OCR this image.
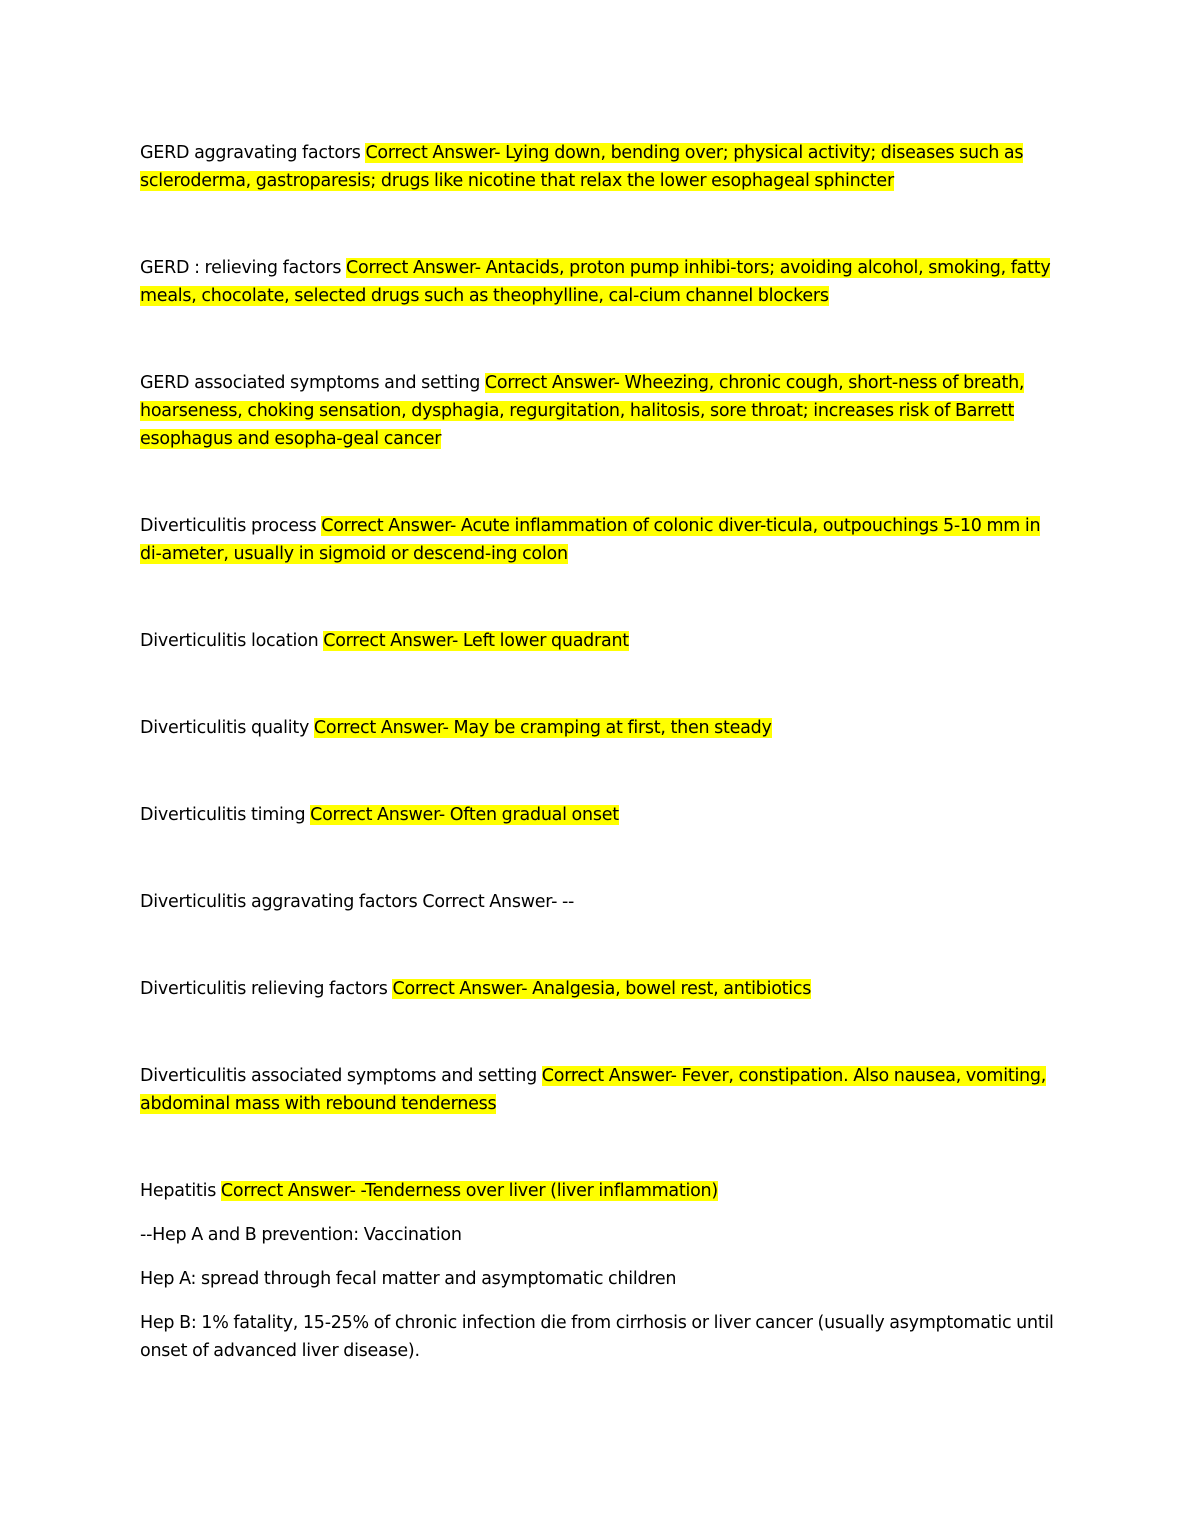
GERD aggravating factors Correct Answer- Lying down, bending over; physical activity; diseases such as scleroderma, gastroparesis; drugs like nicotine that relax the lower esophageal sphincter

GERD : relieving factors Correct Answer- Antacids, proton pump inhibi-tors; avoiding alcohol, smoking, fatty meals, chocolate, selected drugs such as theophylline, cal-cium channel blockers

GERD associated symptoms and setting Correct Answer- Wheezing, chronic cough, short-ness of breath, hoarseness, choking sensation, dysphagia, regurgitation, halitosis, sore throat; increases risk of Barrett esophagus and esopha-geal cancer

Diverticulitis process Correct Answer- Acute inflammation of colonic diver-ticula, outpouchings 5-10 mm in di-ameter, usually in sigmoid or descend-ing colon

Diverticulitis location Correct Answer- Left lower quadrant

Diverticulitis quality Correct Answer- May be cramping at first, then steady

Diverticulitis timing Correct Answer- Often gradual onset

Diverticulitis aggravating factors Correct Answer- --

Diverticulitis relieving factors Correct Answer- Analgesia, bowel rest, antibiotics

Diverticulitis associated symptoms and setting Correct Answer- Fever, constipation. Also nausea, vomiting, abdominal mass with rebound tenderness

Hepatitis Correct Answer- -Tenderness over liver (liver inflammation)

--Hep A and B prevention: Vaccination

Hep A: spread through fecal matter and asymptomatic children

Hep B: 1% fatality, 15-25% of chronic infection die from cirrhosis or liver cancer (usually asymptomatic until onset of advanced liver disease).
